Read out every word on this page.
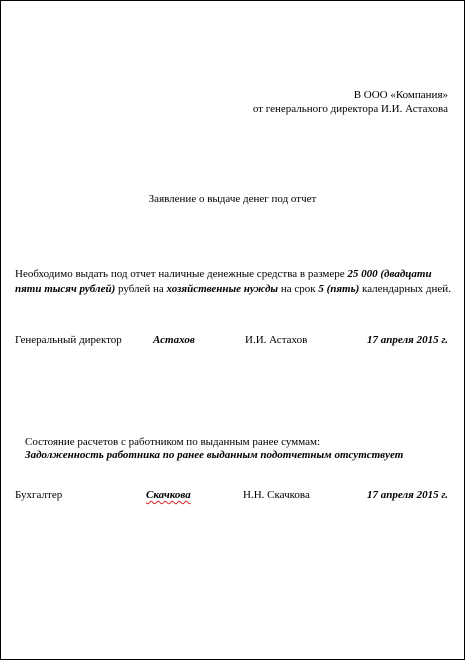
В ООО «Компания»
от генерального директора И.И. Астахова
Заявление о выдаче денег под отчет
Необходимо выдать под отчет наличные денежные средства в размере 25 000 (двадцати пяти тысяч рублей) рублей на хозяйственные нужды на срок 5 (пять) календарных дней.
Генеральный директор	Астахов	И.И. Астахов	17 апреля 2015 г.
Состояние расчетов с работником по выданным ранее суммам:
Задолженность работника по ранее выданным подотчетным отсутствует
Бухгалтер	Скачкова	Н.Н. Скачкова	17 апреля 2015 г.
